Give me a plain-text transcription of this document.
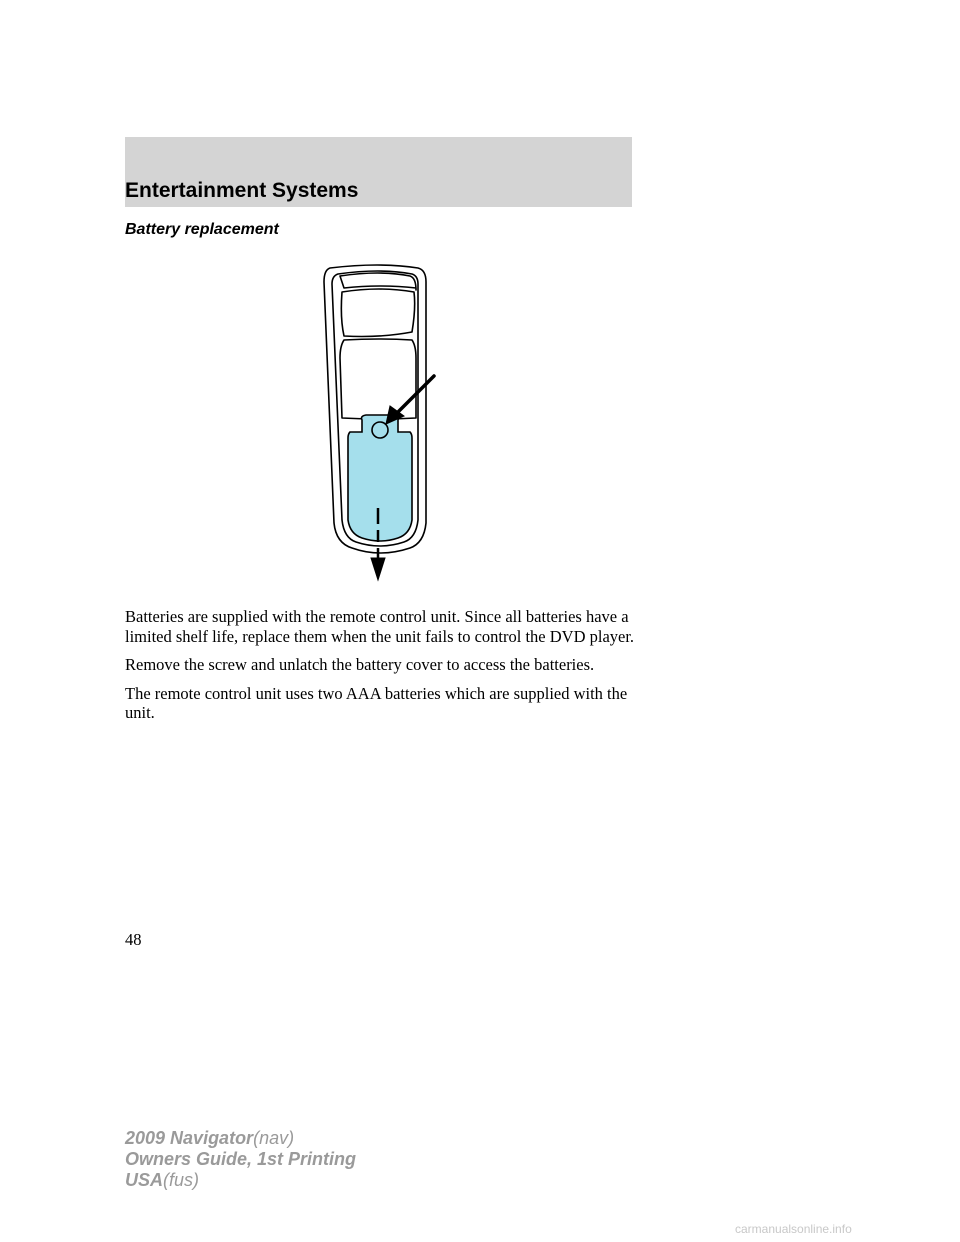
Entertainment Systems
Battery replacement

Batteries are supplied with the remote control unit. Since all batteries have a limited shelf life, replace them when the unit fails to control the DVD player.

Remove the screw and unlatch the battery cover to access the batteries.

The remote control unit uses two AAA batteries which are supplied with the unit.

48

2009 Navigator(nav)
Owners Guide, 1st Printing
USA(fus)
carmanualsonline.info
